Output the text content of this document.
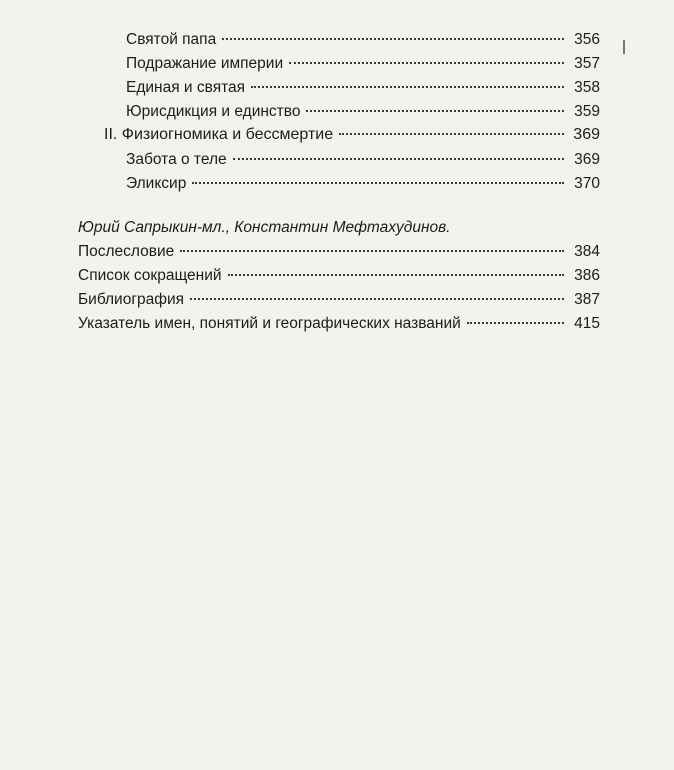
Святой папа	356
Подражание империи	357
Единая и святая	358
Юрисдикция и единство	359
II. Физиогномика и бессмертие	369
Забота о теле	369
Эликсир	370
Юрий Сапрыкин-мл., Константин Мефтахудинов.
Послесловие	384
Список сокращений	386
Библиография	387
Указатель имен, понятий и географических названий	415
